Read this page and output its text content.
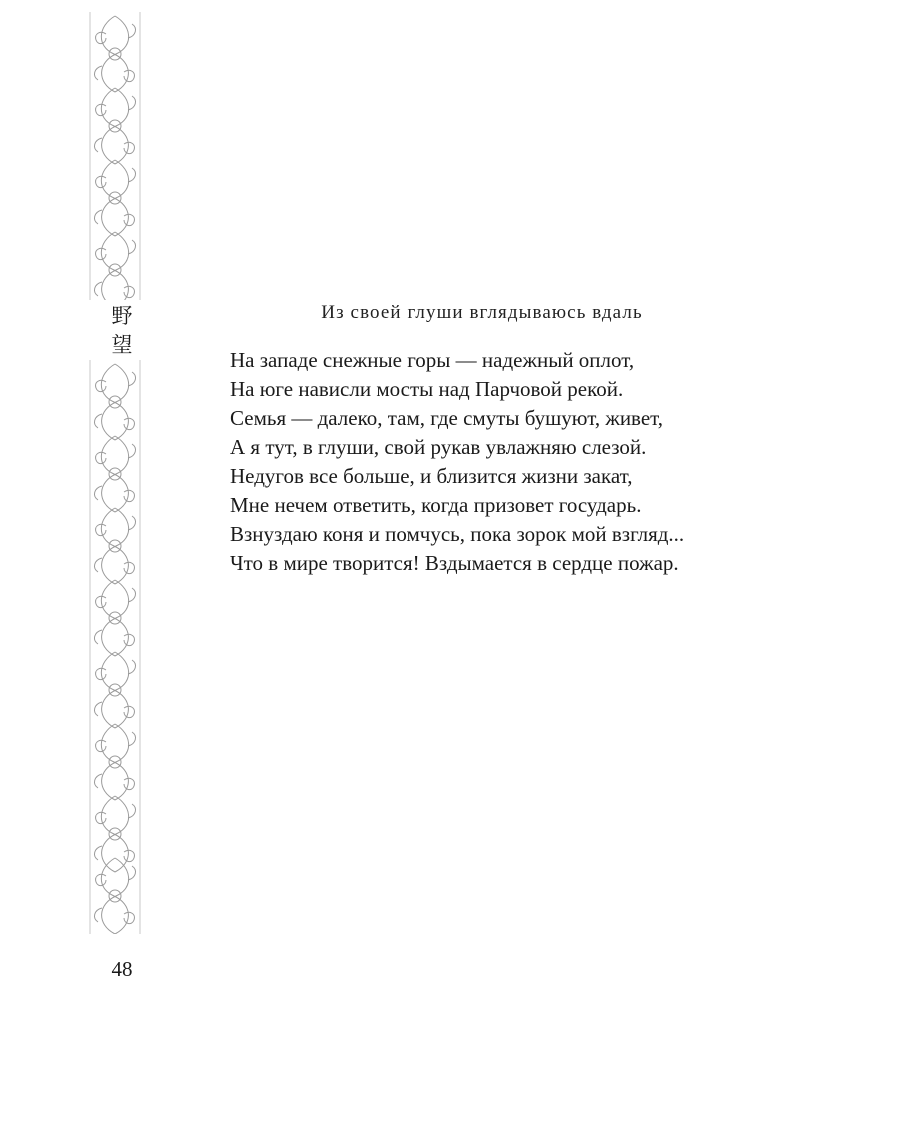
野
望
48
Из своей глуши вглядываюсь вдаль
На западе снежные горы — надежный оплот,
На юге нависли мосты над Парчовой рекой.
Семья — далеко, там, где смуты бушуют, живет,
А я тут, в глуши, свой рукав увлажняю слезой.
Недугов все больше, и близится жизни закат,
Мне нечем ответить, когда призовет государь.
Взнуздаю коня и помчусь, пока зорок мой взгляд...
Что в мире творится! Вздымается в сердце пожар.
